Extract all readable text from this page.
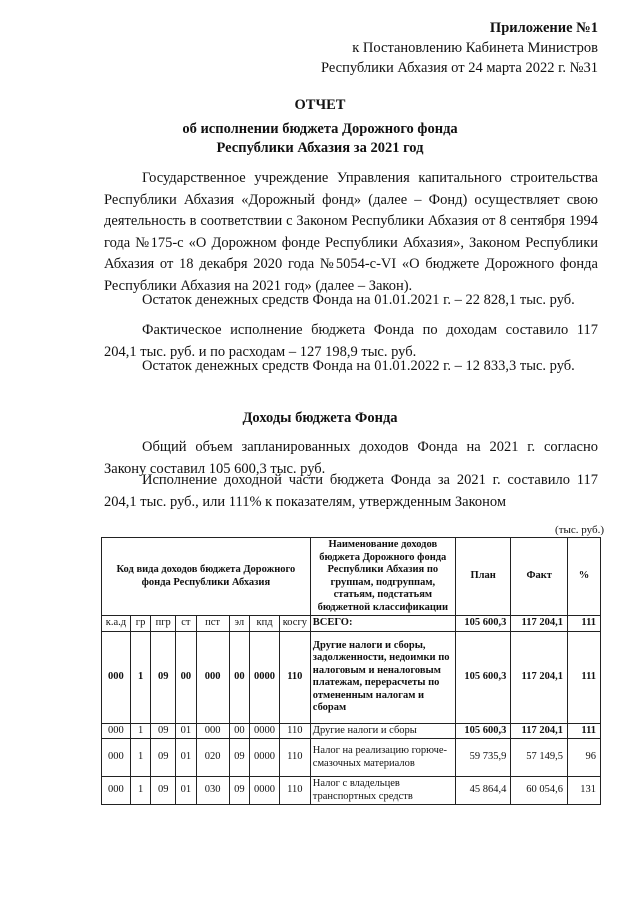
Приложение №1
к Постановлению Кабинета Министров
Республики Абхазия от 24 марта 2022 г. №31
ОТЧЕТ
об исполнении бюджета Дорожного фонда
Республики Абхазия за 2021 год

Государственное учреждение Управления капитального строительства Республики Абхазия «Дорожный фонд» (далее – Фонд) осуществляет свою деятельность в соответствии с Законом Республики Абхазия от 8 сентября 1994 года №175-с «О Дорожном фонде Республики Абхазия», Законом Республики Абхазия от 18 декабря 2020 года №5054-с-VI «О бюджете Дорожного фонда Республики Абхазия на 2021 год» (далее – Закон).

Остаток денежных средств Фонда на 01.01.2021 г. – 22 828,1 тыс. руб.

Фактическое исполнение бюджета Фонда по доходам составило 117 204,1 тыс. руб. и по расходам – 127 198,9 тыс. руб.

Остаток денежных средств Фонда на 01.01.2022 г. – 12 833,3 тыс. руб.

Доходы бюджета Фонда

Общий объем запланированных доходов Фонда на 2021 г. согласно Закону составил 105 600,3 тыс. руб.

Исполнение доходной части бюджета Фонда за 2021 г. составило 117 204,1 тыс. руб., или 111% к показателям, утвержденным Законом

(тыс. руб.)
Код вида доходов бюджета Дорожного фонда Республики Абхазия								Наименование доходов бюджета Дорожного фонда Республики Абхазия по группам, подгруппам, статьям, подстатьям бюджетной классификации	План	Факт	%
к.а.д	гр	пгр	ст	пст	эл	кпд	косгу	ВСЕГО:	105 600,3	117 204,1	111
000	1	09	00	000	00	0000	110	Другие налоги и сборы, задолженности, недоимки по налоговым и неналоговым платежам, перерасчеты по отмененным налогам и сборам	105 600,3	117 204,1	111
000	1	09	01	000	00	0000	110	Другие налоги и сборы	105 600,3	117 204,1	111
000	1	09	01	020	09	0000	110	Налог на реализацию горюче-смазочных материалов	59 735,9	57 149,5	96
000	1	09	01	030	09	0000	110	Налог с владельцев транспортных средств	45 864,4	60 054,6	131
